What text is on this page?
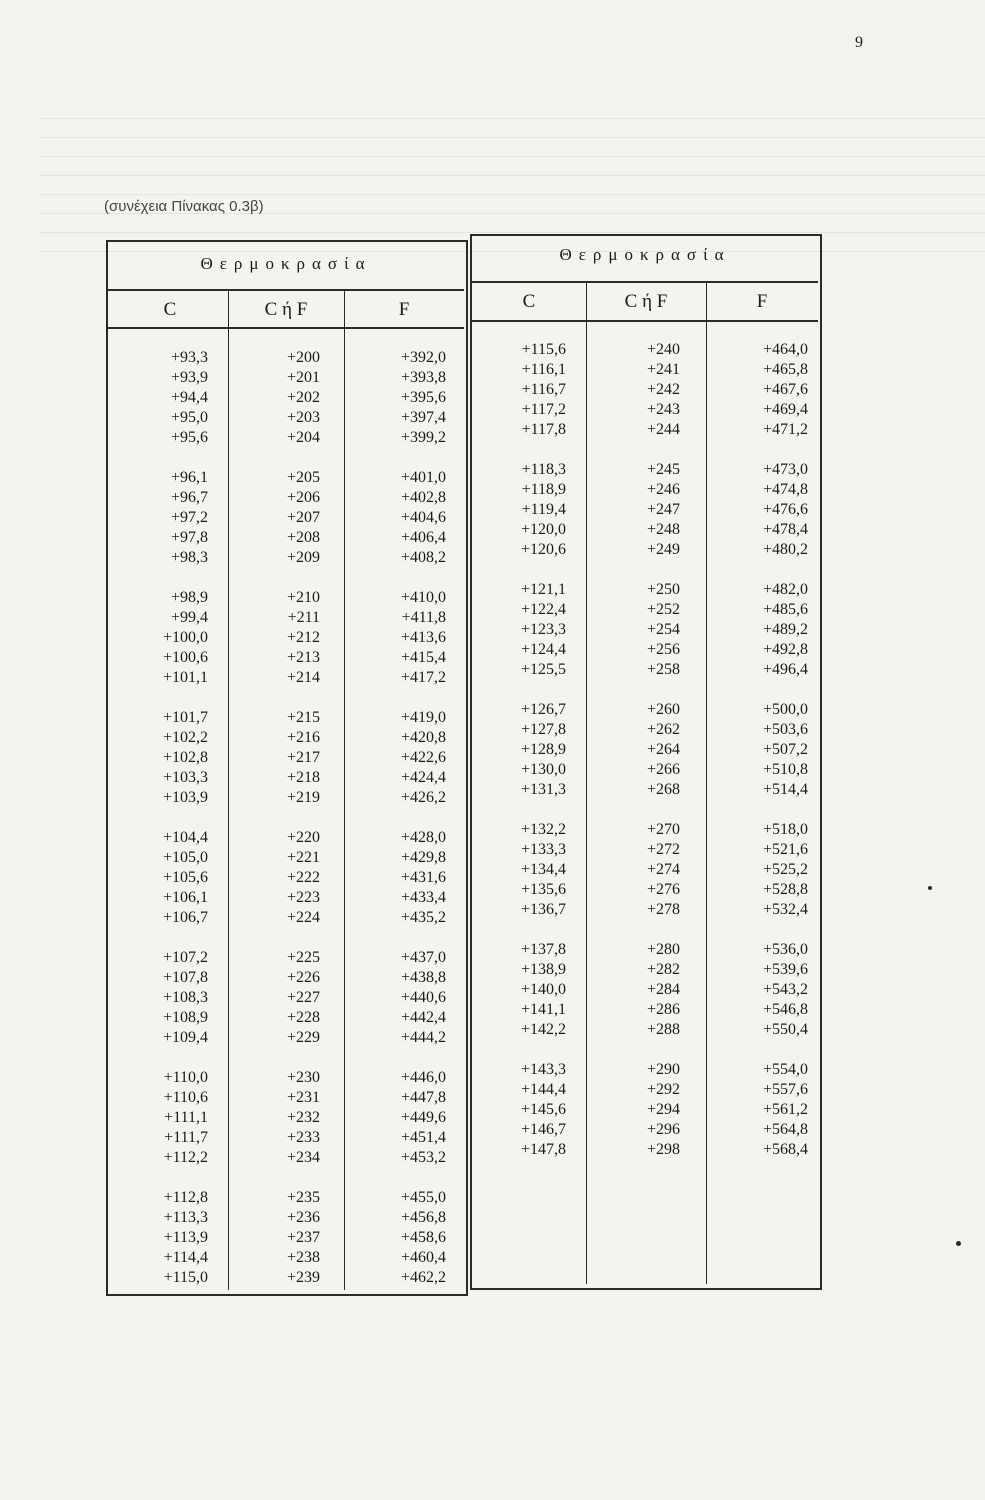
9
(συνέχεια Πίνακας 0.3β)
Θερμοκρασία	Θερμοκρασία
C	C ή F	F	C	C ή F	F
+93,3	+200	+392,0
+93,9	+201	+393,8
+94,4	+202	+395,6
+95,0	+203	+397,4
+95,6	+204	+399,2
+96,1	+205	+401,0
+96,7	+206	+402,8
+97,2	+207	+404,6
+97,8	+208	+406,4
+98,3	+209	+408,2
+98,9	+210	+410,0
+99,4	+211	+411,8
+100,0	+212	+413,6
+100,6	+213	+415,4
+101,1	+214	+417,2
+101,7	+215	+419,0
+102,2	+216	+420,8
+102,8	+217	+422,6
+103,3	+218	+424,4
+103,9	+219	+426,2
+104,4	+220	+428,0
+105,0	+221	+429,8
+105,6	+222	+431,6
+106,1	+223	+433,4
+106,7	+224	+435,2
+107,2	+225	+437,0
+107,8	+226	+438,8
+108,3	+227	+440,6
+108,9	+228	+442,4
+109,4	+229	+444,2
+110,0	+230	+446,0
+110,6	+231	+447,8
+111,1	+232	+449,6
+111,7	+233	+451,4
+112,2	+234	+453,2
+112,8	+235	+455,0
+113,3	+236	+456,8
+113,9	+237	+458,6
+114,4	+238	+460,4
+115,0	+239	+462,2
+115,6	+240	+464,0
+116,1	+241	+465,8
+116,7	+242	+467,6
+117,2	+243	+469,4
+117,8	+244	+471,2
+118,3	+245	+473,0
+118,9	+246	+474,8
+119,4	+247	+476,6
+120,0	+248	+478,4
+120,6	+249	+480,2
+121,1	+250	+482,0
+122,4	+252	+485,6
+123,3	+254	+489,2
+124,4	+256	+492,8
+125,5	+258	+496,4
+126,7	+260	+500,0
+127,8	+262	+503,6
+128,9	+264	+507,2
+130,0	+266	+510,8
+131,3	+268	+514,4
+132,2	+270	+518,0
+133,3	+272	+521,6
+134,4	+274	+525,2
+135,6	+276	+528,8
+136,7	+278	+532,4
+137,8	+280	+536,0
+138,9	+282	+539,6
+140,0	+284	+543,2
+141,1	+286	+546,8
+142,2	+288	+550,4
+143,3	+290	+554,0
+144,4	+292	+557,6
+145,6	+294	+561,2
+146,7	+296	+564,8
+147,8	+298	+568,4
